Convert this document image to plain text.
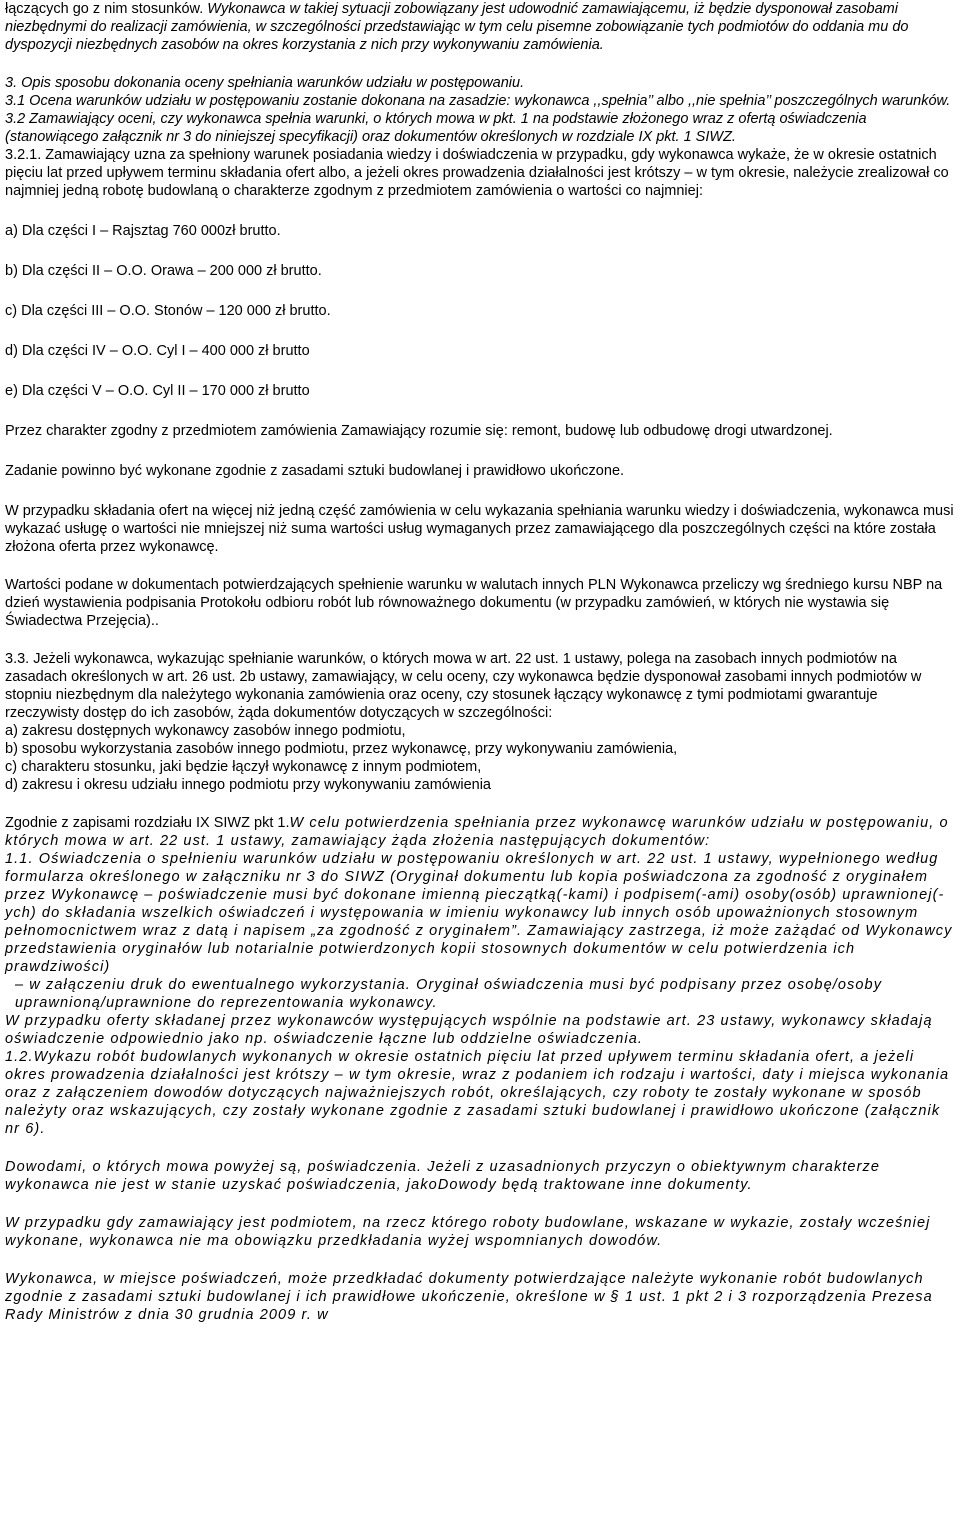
łączących go z nim stosunków. Wykonawca w takiej sytuacji zobowiązany jest udowodnić zamawiającemu, iż będzie dysponował zasobami niezbędnymi do realizacji zamówienia, w szczególności przedstawiając w tym celu pisemne zobowiązanie tych podmiotów do oddania mu do dyspozycji niezbędnych zasobów na okres korzystania z nich przy wykonywaniu zamówienia.

3. Opis sposobu dokonania oceny spełniania warunków udziału w postępowaniu.

3.1 Ocena warunków udziału w postępowaniu zostanie dokonana na zasadzie: wykonawca ,,spełnia’’ albo ,,nie spełnia’’ poszczególnych warunków.

3.2 Zamawiający oceni, czy wykonawca spełnia warunki, o których mowa w pkt. 1 na podstawie złożonego wraz z ofertą oświadczenia (stanowiącego załącznik nr 3 do niniejszej specyfikacji) oraz dokumentów określonych w rozdziale IX pkt. 1 SIWZ.

3.2.1. Zamawiający uzna za spełniony warunek posiadania wiedzy i doświadczenia w przypadku, gdy wykonawca wykaże, że w okresie ostatnich pięciu lat przed upływem terminu składania ofert albo, a jeżeli okres prowadzenia działalności jest krótszy – w tym okresie, należycie zrealizował co najmniej jedną robotę budowlaną o charakterze zgodnym z przedmiotem zamówienia o wartości co najmniej:

a) Dla części I – Rajsztag 760 000zł brutto.

b) Dla części II – O.O. Orawa – 200 000 zł brutto.

c) Dla części III – O.O. Stonów – 120 000 zł brutto.

d) Dla części IV – O.O. Cyl I – 400 000 zł brutto

e) Dla części V – O.O. Cyl II – 170 000 zł brutto

Przez charakter zgodny z przedmiotem zamówienia Zamawiający rozumie się: remont, budowę lub odbudowę drogi utwardzonej.

Zadanie powinno być wykonane zgodnie z zasadami sztuki budowlanej i prawidłowo ukończone.

W przypadku składania ofert na więcej niż jedną część zamówienia w celu wykazania spełniania warunku wiedzy i doświadczenia, wykonawca musi wykazać usługę o wartości nie mniejszej niż suma wartości usług wymaganych przez zamawiającego dla poszczególnych części na które została złożona oferta przez wykonawcę.

Wartości podane w dokumentach potwierdzających spełnienie warunku w walutach innych PLN Wykonawca przeliczy wg średniego kursu NBP na dzień wystawienia podpisania Protokołu odbioru robót lub równoważnego dokumentu (w przypadku zamówień, w których nie wystawia się Świadectwa Przejęcia)..

3.3. Jeżeli wykonawca, wykazując spełnianie warunków, o których mowa w art. 22 ust. 1 ustawy, polega na zasobach innych podmiotów na zasadach określonych w art. 26 ust. 2b ustawy, zamawiający, w celu oceny, czy wykonawca będzie dysponował zasobami innych podmiotów w stopniu niezbędnym dla należytego wykonania zamówienia oraz oceny, czy stosunek łączący wykonawcę z tymi podmiotami gwarantuje rzeczywisty dostęp do ich zasobów, żąda dokumentów dotyczących w szczególności:

a) zakresu dostępnych wykonawcy zasobów innego podmiotu,

b) sposobu wykorzystania zasobów innego podmiotu, przez wykonawcę, przy wykonywaniu zamówienia,

c) charakteru stosunku, jaki będzie łączył wykonawcę z innym podmiotem,

d) zakresu i okresu udziału innego podmiotu przy wykonywaniu zamówienia

Zgodnie z zapisami rozdziału IX SIWZ pkt 1.W celu potwierdzenia spełniania przez wykonawcę warunków udziału w postępowaniu, o których mowa w art. 22 ust. 1 ustawy, zamawiający żąda złożenia następujących dokumentów:

1.1. Oświadczenia o spełnieniu warunków udziału w postępowaniu określonych w art. 22 ust. 1 ustawy, wypełnionego według formularza określonego w załączniku nr 3 do SIWZ (Oryginał dokumentu lub kopia poświadczona za zgodność z oryginałem przez Wykonawcę – poświadczenie musi być dokonane imienną pieczątką(-kami) i podpisem(-ami) osoby(osób) uprawnionej(-ych) do składania wszelkich oświadczeń i występowania w imieniu wykonawcy lub innych osób upoważnionych stosownym pełnomocnictwem wraz z datą i napisem „za zgodność z oryginałem”. Zamawiający zastrzega, iż może zażądać od Wykonawcy przedstawienia oryginałów lub notarialnie potwierdzonych kopii stosownych dokumentów w celu potwierdzenia ich prawdziwości)

– w załączeniu druk do ewentualnego wykorzystania. Oryginał oświadczenia musi być podpisany przez osobę/osoby uprawnioną/uprawnione do reprezentowania wykonawcy.

W przypadku oferty składanej przez wykonawców występujących wspólnie na podstawie art. 23 ustawy, wykonawcy składają oświadczenie odpowiednio jako np. oświadczenie łączne lub oddzielne oświadczenia.

1.2.Wykazu robót budowlanych wykonanych w okresie ostatnich pięciu lat przed upływem terminu składania ofert, a jeżeli okres prowadzenia działalności jest krótszy – w tym okresie, wraz z podaniem ich rodzaju i wartości, daty i miejsca wykonania oraz z załączeniem dowodów dotyczących najważniejszych robót, określających, czy roboty te zostały wykonane w sposób należyty oraz wskazujących, czy zostały wykonane zgodnie z zasadami sztuki budowlanej i prawidłowo ukończone (załącznik nr 6).

Dowodami, o których mowa powyżej są, poświadczenia. Jeżeli z uzasadnionych przyczyn o obiektywnym charakterze wykonawca nie jest w stanie uzyskać poświadczenia, jakoDowody będą traktowane inne dokumenty.

W przypadku gdy zamawiający jest podmiotem, na rzecz którego roboty budowlane, wskazane w wykazie, zostały wcześniej wykonane, wykonawca nie ma obowiązku przedkładania wyżej wspomnianych dowodów.

Wykonawca, w miejsce poświadczeń, może przedkładać dokumenty potwierdzające należyte wykonanie robót budowlanych zgodnie z zasadami sztuki budowlanej i ich prawidłowe ukończenie, określone w § 1 ust. 1 pkt 2 i 3 rozporządzenia Prezesa Rady Ministrów z dnia 30 grudnia 2009 r. w
